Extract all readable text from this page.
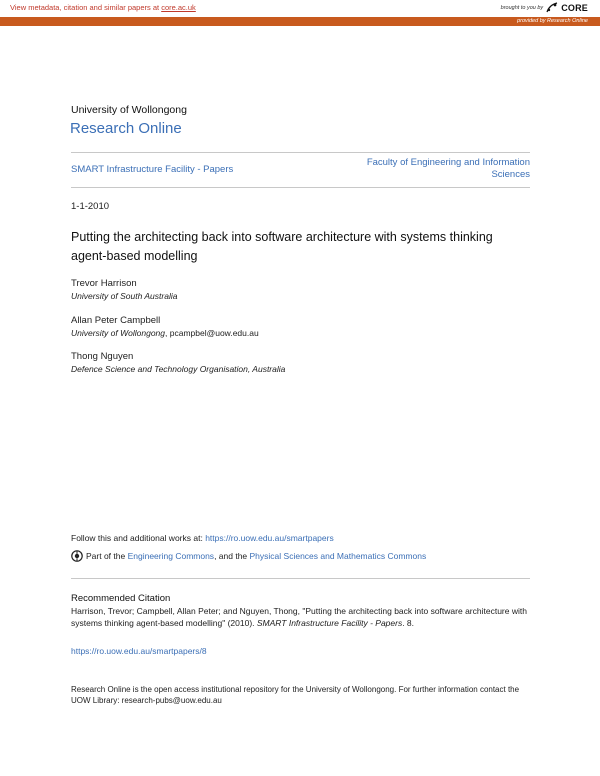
View metadata, citation and similar papers at core.ac.uk	brought to you by CORE
provided by Research Online
University of Wollongong
Research Online
SMART Infrastructure Facility - Papers
Faculty of Engineering and Information Sciences
1-1-2010
Putting the architecting back into software architecture with systems thinking agent-based modelling
Trevor Harrison
University of South Australia
Allan Peter Campbell
University of Wollongong, pcampbel@uow.edu.au
Thong Nguyen
Defence Science and Technology Organisation, Australia
Follow this and additional works at: https://ro.uow.edu.au/smartpapers
Part of the Engineering Commons, and the Physical Sciences and Mathematics Commons
Recommended Citation
Harrison, Trevor; Campbell, Allan Peter; and Nguyen, Thong, "Putting the architecting back into software architecture with systems thinking agent-based modelling" (2010). SMART Infrastructure Facility - Papers. 8.
https://ro.uow.edu.au/smartpapers/8
Research Online is the open access institutional repository for the University of Wollongong. For further information contact the UOW Library: research-pubs@uow.edu.au
